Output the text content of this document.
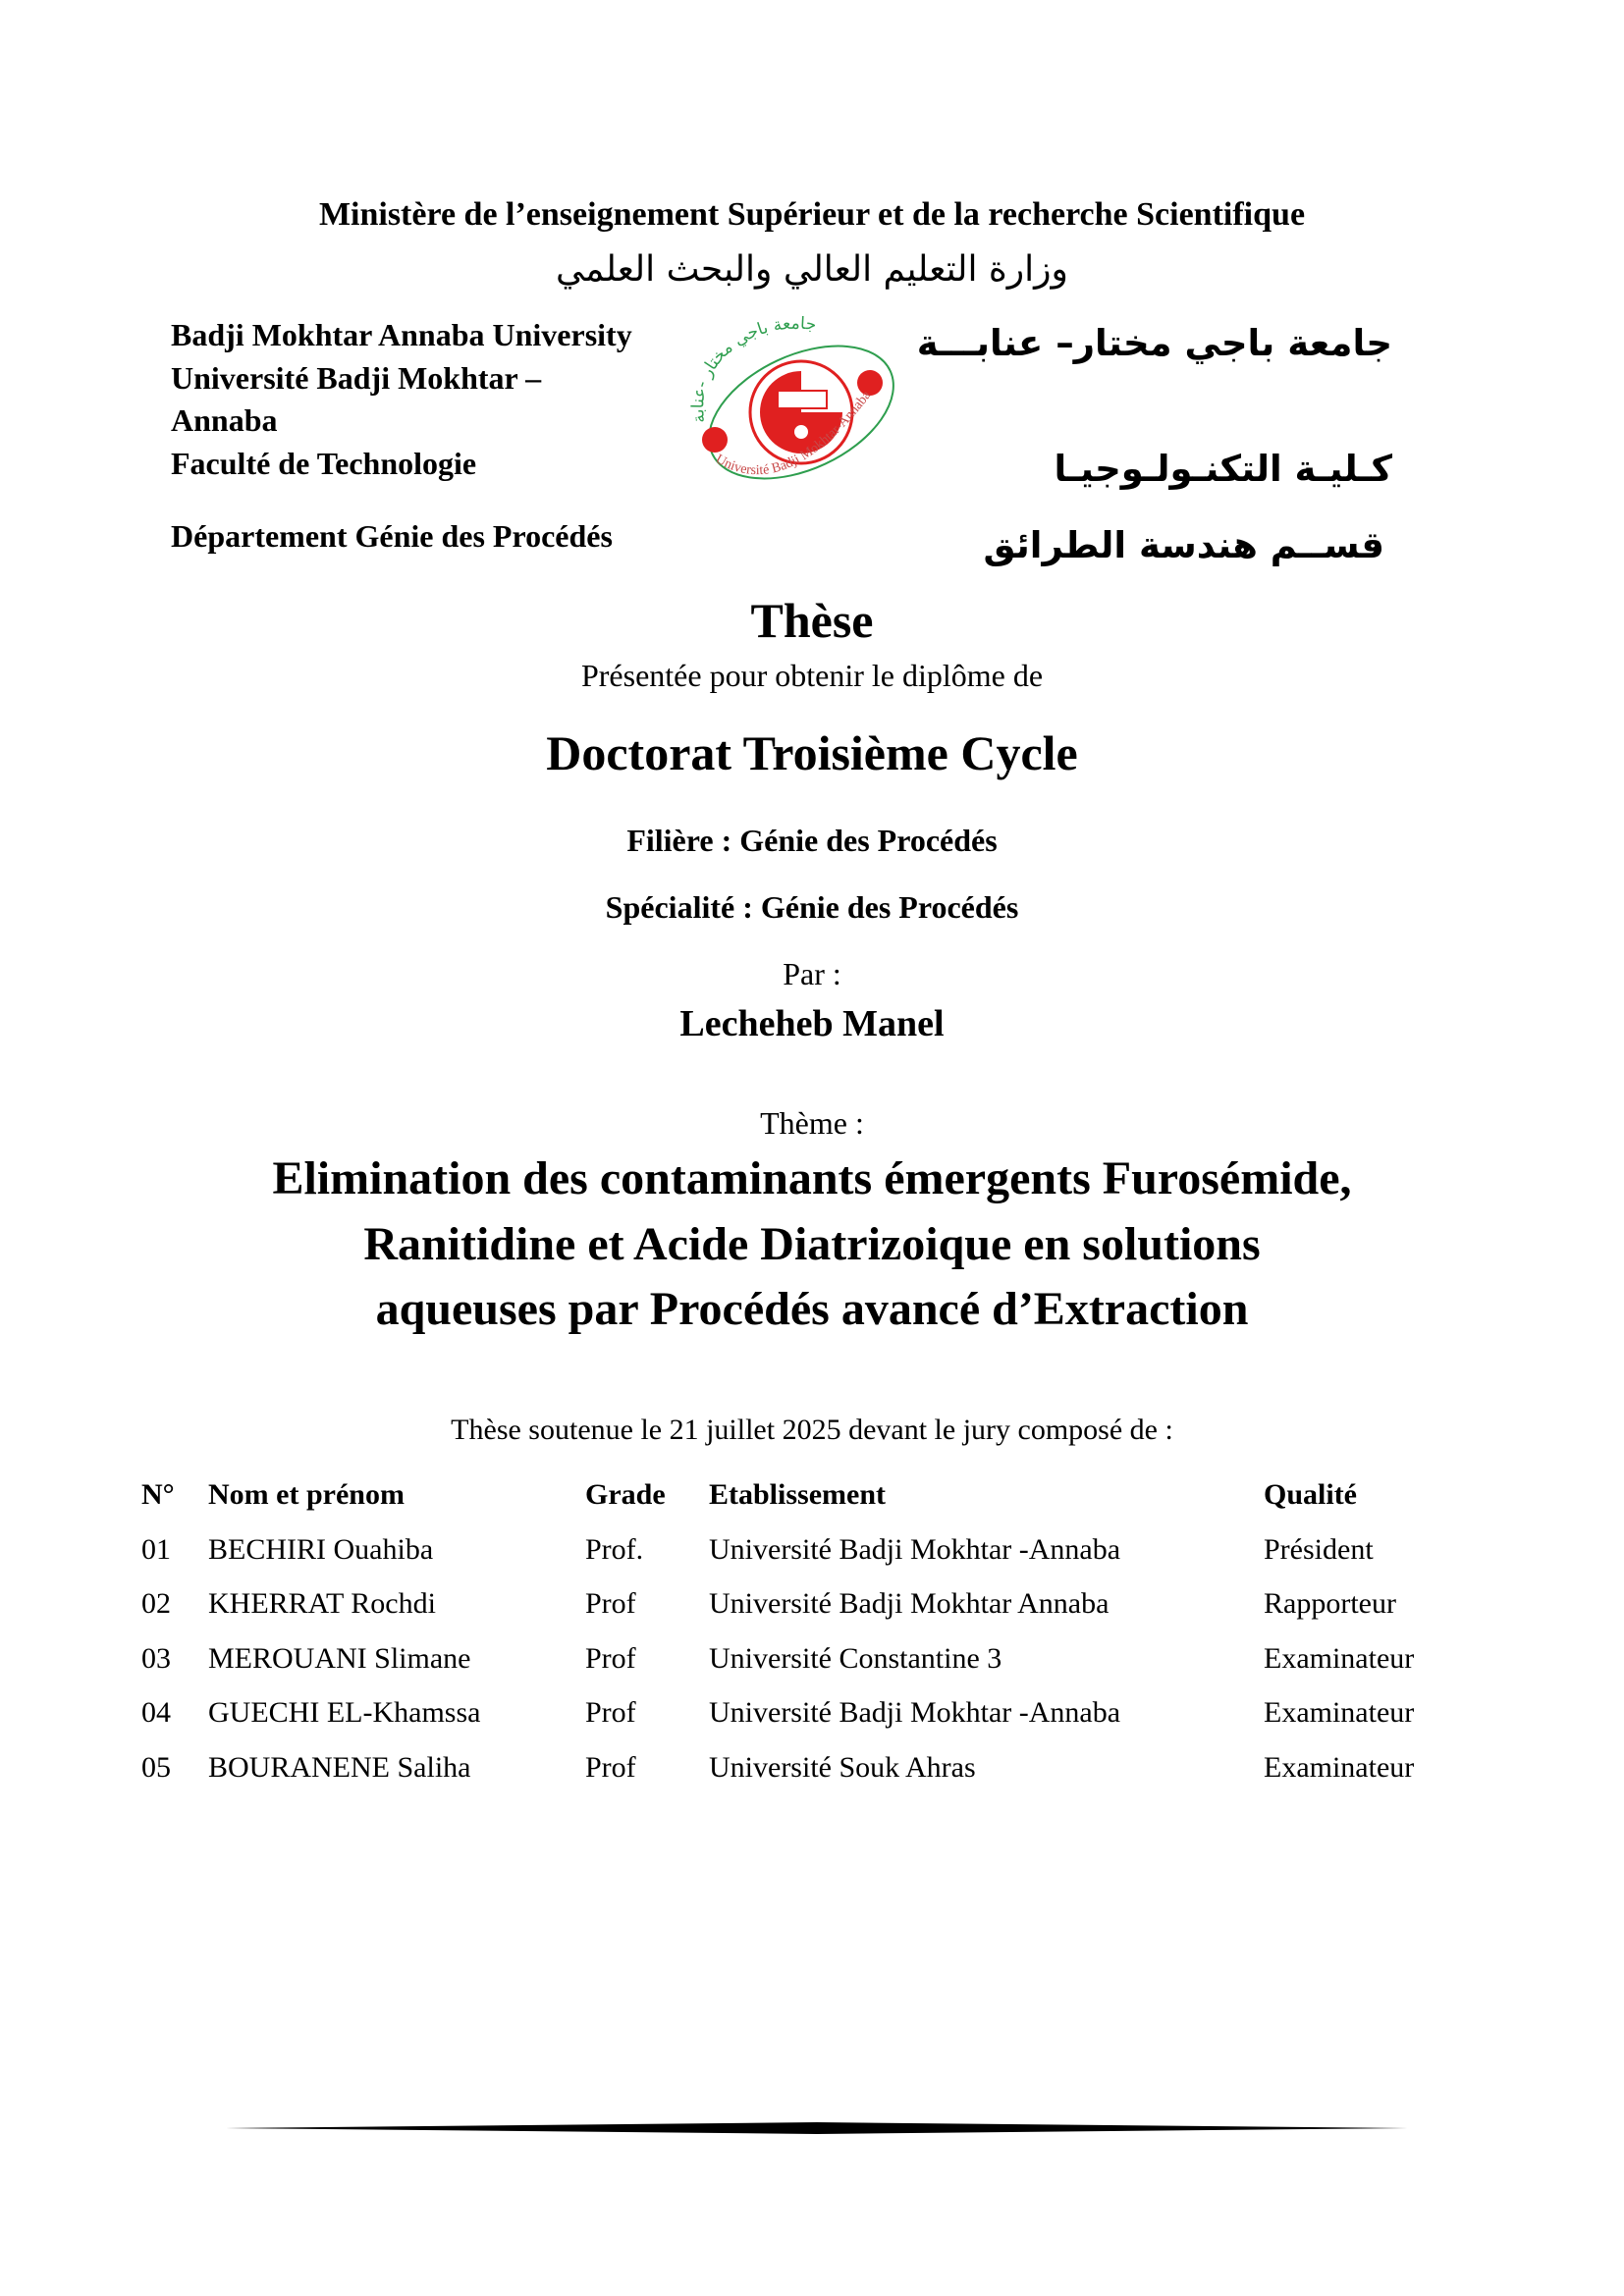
Ministère de l’enseignement Supérieur et de la recherche Scientifique
وزارة التعليم العالي والبحث العلمي
Badji Mokhtar Annaba University
Université Badji Mokhtar –
Annaba
Faculté de Technologie
Département Génie des Procédés
جامعة باجي مختار -عنابة
Université Badji Mokhtar-Annaba
جامعة باجي مختار– عنابـــة
كـليـة التكنـولـوجيـا
قســم هندسة الطرائق
Thèse
Présentée pour obtenir le diplôme de
Doctorat Troisième Cycle
Filière : Génie des Procédés
Spécialité : Génie des Procédés
Par :
Lecheheb Manel
Thème :
Elimination des contaminants émergents Furosémide,
Ranitidine et Acide Diatrizoique en solutions
aqueuses par Procédés avancé d’Extraction
Thèse soutenue le 21 juillet 2025 devant le jury composé de :
N° Nom et prénom	Grade Etablissement	Qualité
01 BECHIRI Ouahiba	Prof. Université Badji Mokhtar -Annaba	Président
02 KHERRAT Rochdi	Prof Université Badji Mokhtar Annaba	Rapporteur
03 MEROUANI Slimane	Prof Université Constantine 3	Examinateur
04 GUECHI EL-Khamssa	Prof Université Badji Mokhtar -Annaba	Examinateur
05 BOURANENE Saliha	Prof Université Souk Ahras	Examinateur
